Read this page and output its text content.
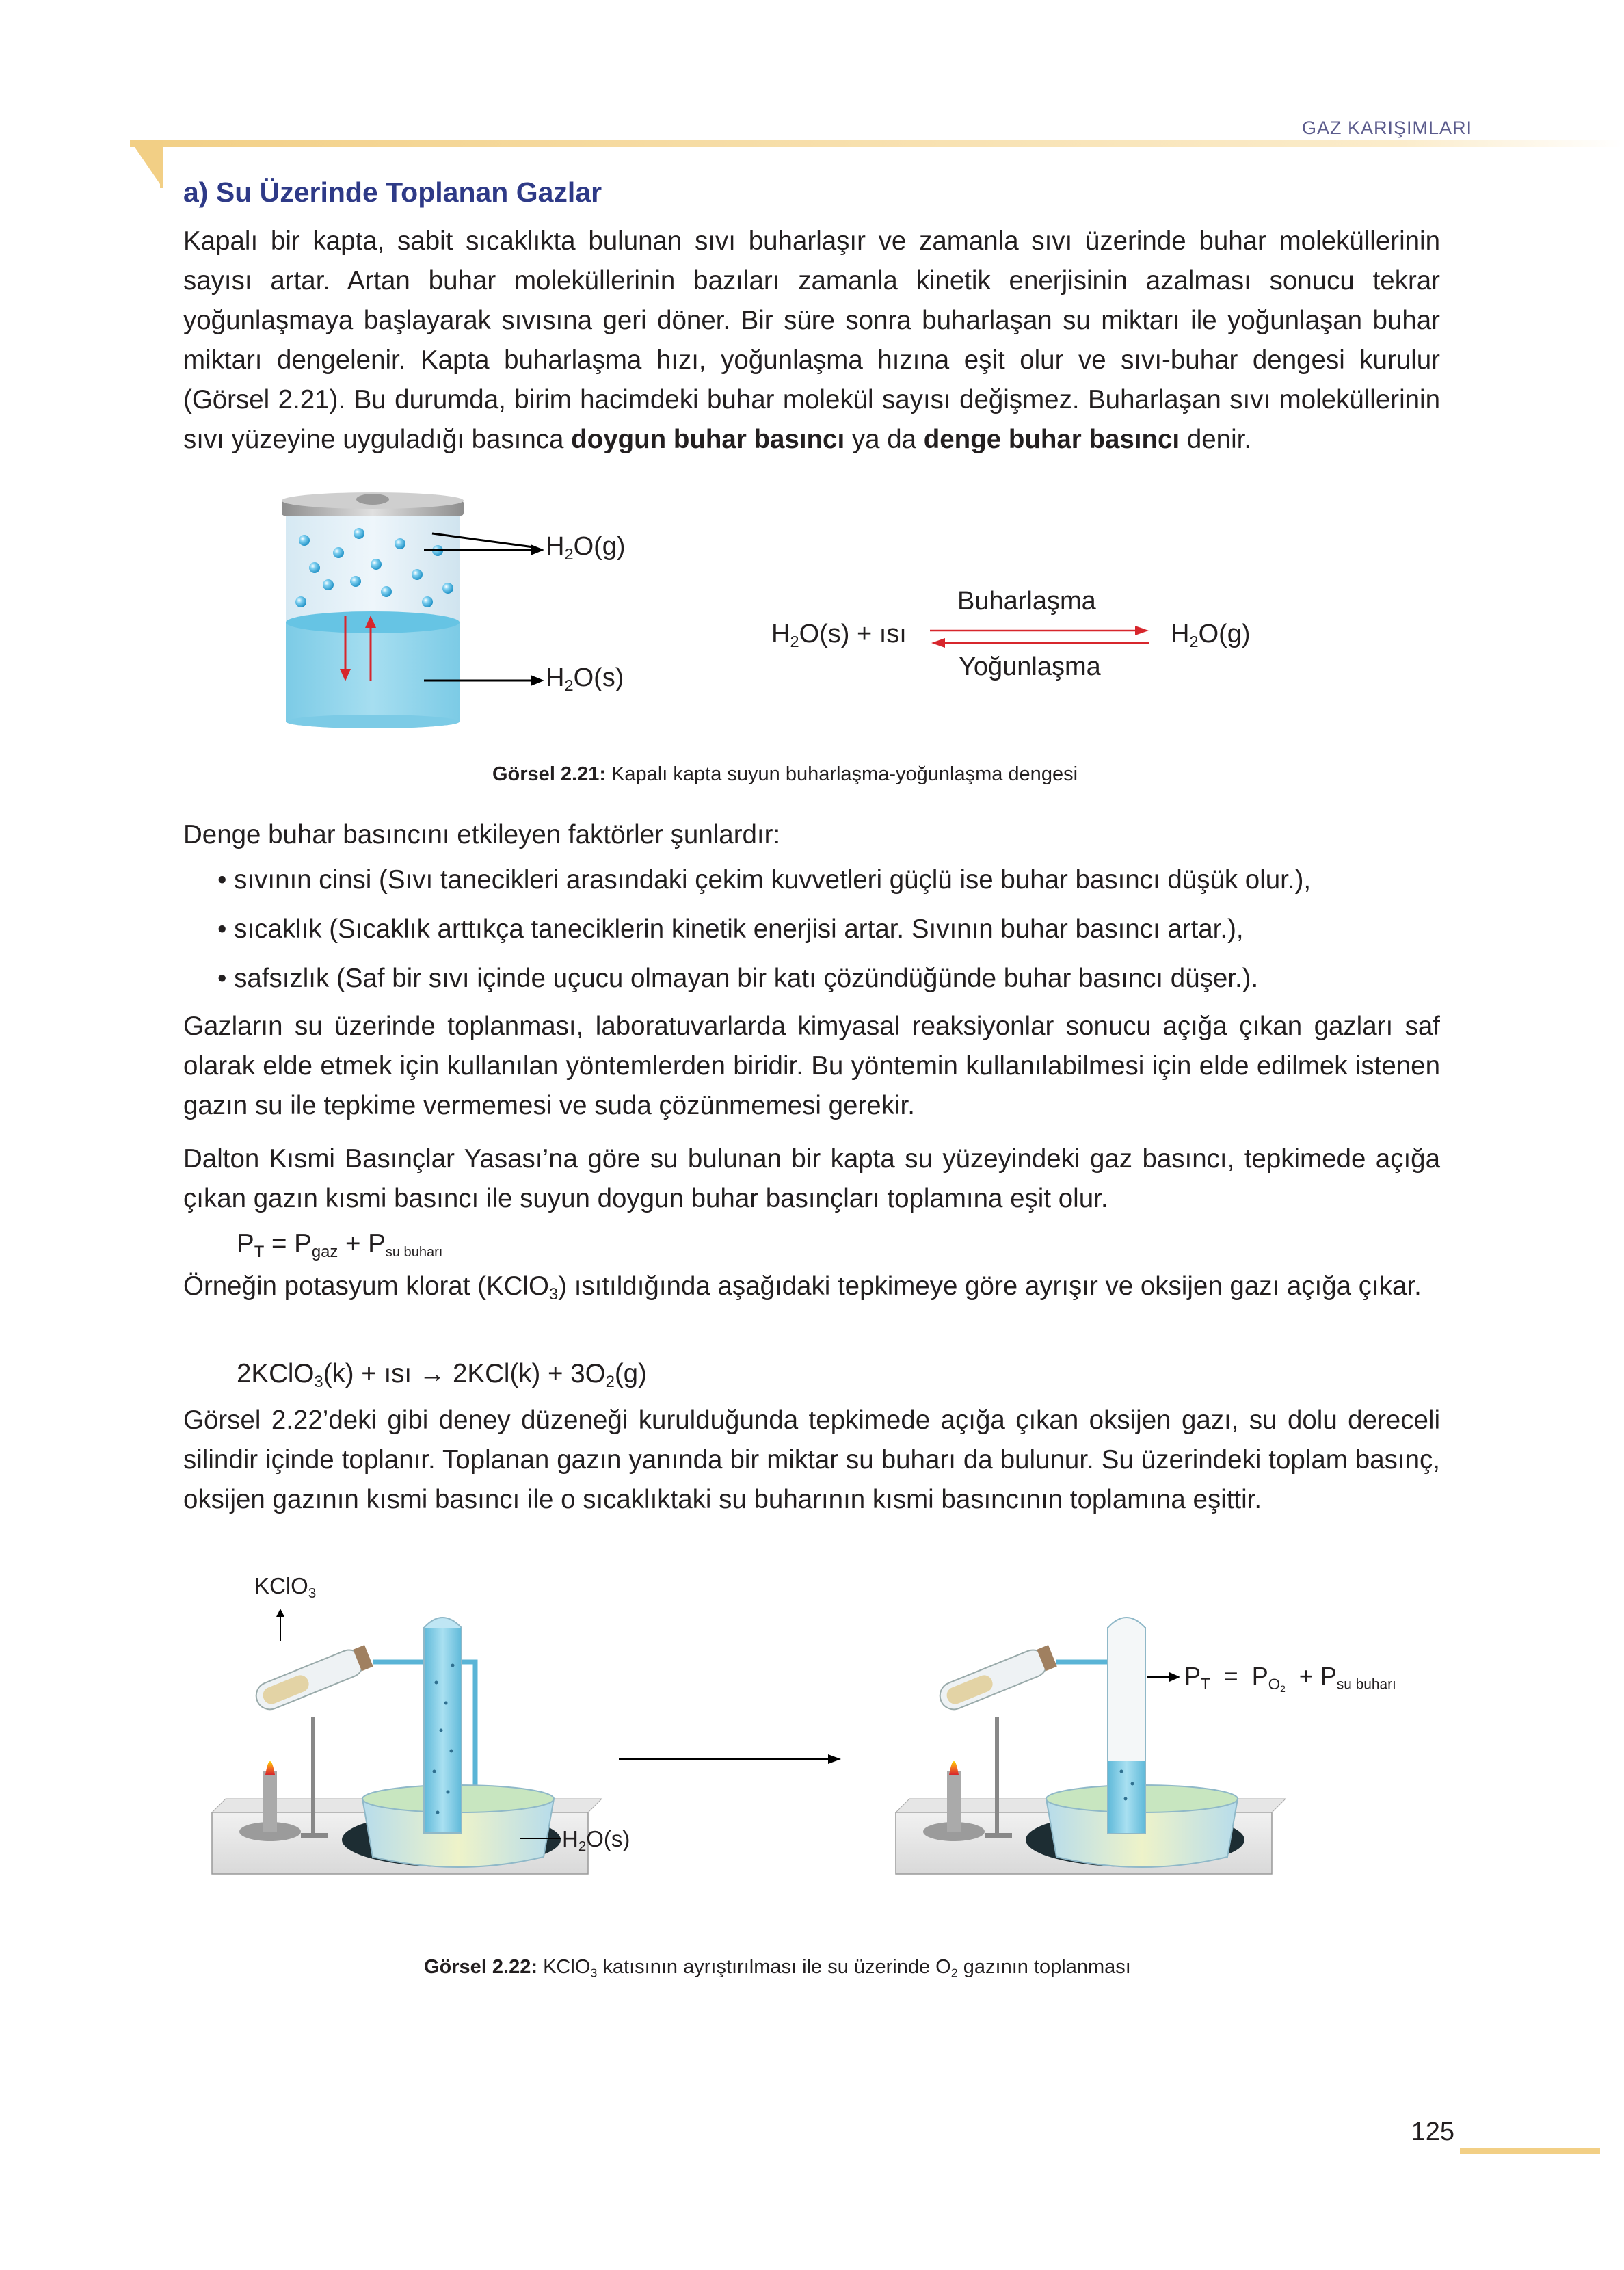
GAZ KARIŞIMLARI
a) Su Üzerinde Toplanan Gazlar
Kapalı bir kapta, sabit sıcaklıkta bulunan sıvı buharlaşır ve zamanla sıvı üzerinde buhar moleküllerinin sayısı artar. Artan buhar moleküllerinin bazıları zamanla kinetik enerjisinin azalması sonucu tekrar yoğunlaşmaya başlayarak sıvısına geri döner. Bir süre sonra buharlaşan su miktarı ile yoğunlaşan buhar miktarı dengelenir. Kapta buharlaşma hızı, yoğunlaşma hızına eşit olur ve sıvı-buhar dengesi kurulur (Görsel 2.21). Bu durumda, birim hacimdeki buhar molekül sayısı değişmez. Buharlaşan sıvı moleküllerinin sıvı yüzeyine uyguladığı basınca doygun buhar basıncı ya da denge buhar basıncı denir.
$H_2O(g)$
$H_2O(s)$
Buharlaşma
$H_2O(s)$ + ısı	$H_2O(g)$
Yoğunlaşma
Görsel 2.21: Kapalı kapta suyun buharlaşma-yoğunlaşma dengesi
Denge buhar basıncını etkileyen faktörler şunlardır:
• sıvının cinsi (Sıvı tanecikleri arasındaki çekim kuvvetleri güçlü ise buhar basıncı düşük olur.),
• sıcaklık (Sıcaklık arttıkça taneciklerin kinetik enerjisi artar. Sıvının buhar basıncı artar.),
• safsızlık (Saf bir sıvı içinde uçucu olmayan bir katı çözündüğünde buhar basıncı düşer.).
Gazların su üzerinde toplanması, laboratuvarlarda kimyasal reaksiyonlar sonucu açığa çıkan gazları saf olarak elde etmek için kullanılan yöntemlerden biridir. Bu yöntemin kullanılabilmesi için elde edilmek istenen gazın su ile tepkime vermemesi ve suda çözünmemesi gerekir.
Dalton Kısmi Basınçlar Yasası’na göre su bulunan bir kapta su yüzeyindeki gaz basıncı, tepkimede açığa çıkan gazın kısmi basıncı ile suyun doygun buhar basınçları toplamına eşit olur.
$P_T = P_{gaz} + P_{su buharı}$
Örneğin potasyum klorat (KClO$_3$) ısıtıldığında aşağıdaki tepkimeye göre ayrışır ve oksijen gazı açığa çıkar.
2KClO$_3$(k) + ısı → $2KCl(k) + 3O_2(g)$
Görsel 2.22’deki gibi deney düzeneği kurulduğunda tepkimede açığa çıkan oksijen gazı, su dolu dereceli silindir içinde toplanır. Toplanan gazın yanında bir miktar su buharı da bulunur. Su üzerindeki toplam basınç, oksijen gazının kısmi basıncı ile o sıcaklıktaki su buharının kısmi basıncının toplamına eşittir.
KClO$_3$
$H_2O(s)$
$P_T = P_{O_2} + P_{su buharı}$
Görsel 2.22: KClO$_3$ katısının ayrıştırılması ile su üzerinde $O_2$ gazının toplanması
125
